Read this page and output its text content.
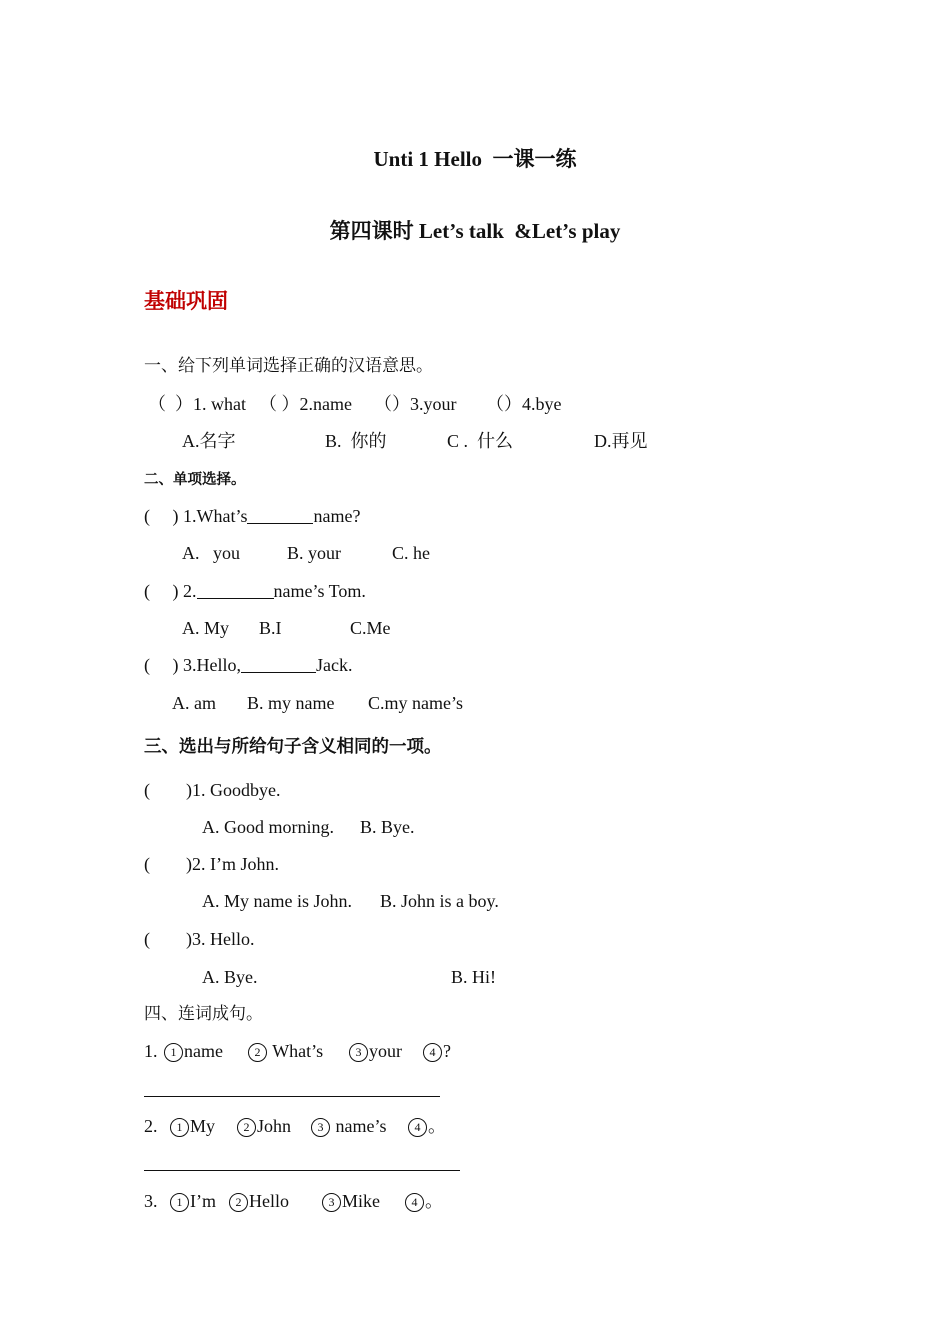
Unti 1 Hello  一课一练
第四课时 Let’s talk  &Let’s play
基础巩固
一、给下列单词选择正确的汉语意思。
（  ）1. what （ ）2.name （）3.your （）4.bye
A.名字	B.  你的	C .  什么	D.再见
二、单项选择。
(     ) 1.What’s	name?
A.   you	B. your	C. he
(     ) 2.	name’s Tom.
A. My B.I	C.Me
(     ) 3.Hello,	Jack.
A. am B. my name C.my name’s
三、选出与所给句子含义相同的一项。
(        )1. Goodbye.
A. Good morning. B. Bye.
(        )2. I’m John.
A. My name is John. B. John is a boy.
(        )3. Hello.
A. Bye.	B. Hi!
四、连词成句。
1.	1 name	2 What’s	3 your	4 ?
2.	1 My	2 John	3 name’s	4 。
3.	1 I’m	2 Hello	3 Mike	4 。
